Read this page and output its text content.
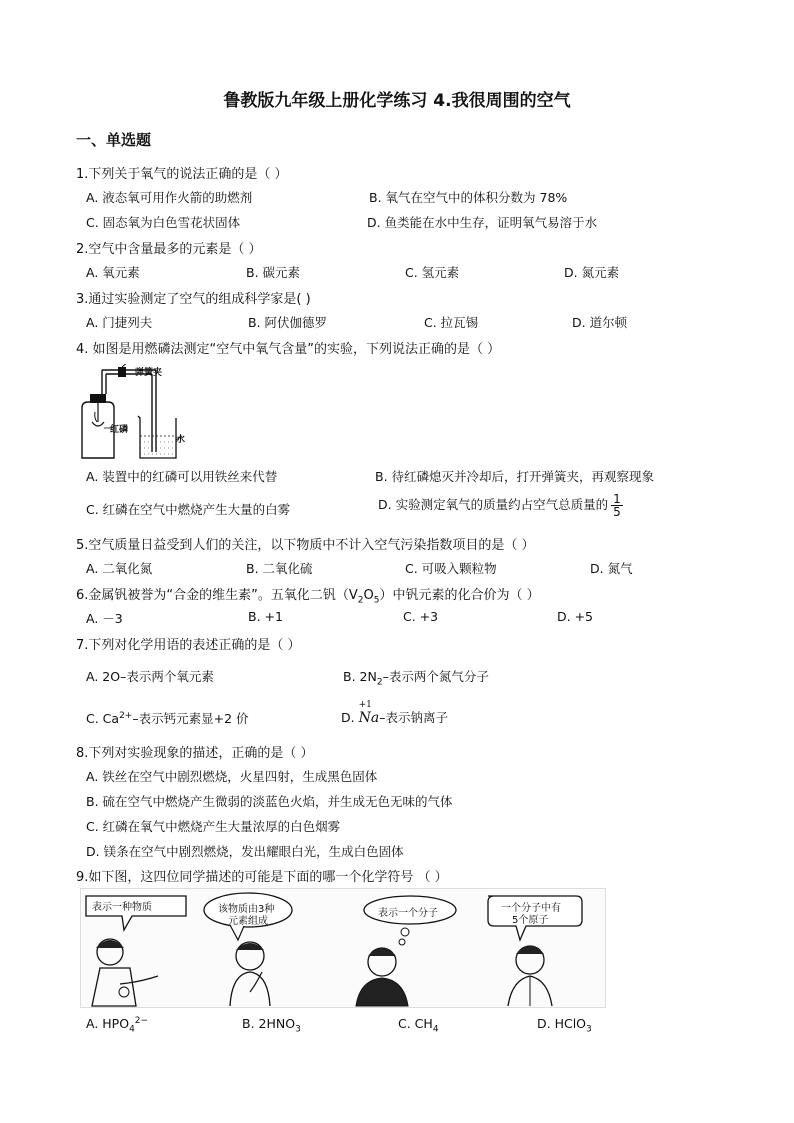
鲁教版九年级上册化学练习 4.我很周围的空气
一、单选题
1.下列关于氧气的说法正确的是（ ）
A. 液态氧可用作火箭的助燃剂	B. 氧气在空气中的体积分数为 78%
C. 固态氧为白色雪花状固体	D. 鱼类能在水中生存，证明氧气易溶于水
2.空气中含量最多的元素是（ ）
A. 氧元素	B. 碳元素	C. 氢元素	D. 氮元素
3.通过实验测定了空气的组成科学家是( )
A. 门捷列夫	B. 阿伏伽德罗	C. 拉瓦锡	D. 道尔顿
4. 如图是用燃磷法测定“空气中氧气含量”的实验，下列说法正确的是（ ）
弹簧夹
红磷
水
A. 装置中的红磷可以用铁丝来代替	B. 待红磷熄灭并冷却后，打开弹簧夹，再观察现象
C. 红磷在空气中燃烧产生大量的白雾	D. 实验测定氧气的质量约占空气总质量的 $\frac{1}{5}$
5.空气质量日益受到人们的关注，以下物质中不计入空气污染指数项目的是（ ）
A. 二氧化氮	B. 二氧化硫	C. 可吸入颗粒物	D. 氮气
6.金属钒被誉为“合金的维生素”。五氧化二钒$(V_2O_5)$中钒元素的化合价为（ ）
A. －3	B. +1	C. +3	D. +5
7.下列对化学用语的表述正确的是（ ）
A. 2O–表示两个氧元素	B. $2N_2-$表示两个氮气分子
C. $Ca^{2+}-$表示钙元素显+2 价	D.
+1
Na–表示钠离子
8.下列对实验现象的描述，正确的是（ ）
A. 铁丝在空气中剧烈燃烧，火星四射，生成黑色固体
B. 硫在空气中燃烧产生微弱的淡蓝色火焰，并生成无色无味的气体
C. 红磷在氧气中燃烧产生大量浓厚的白色烟雾
D. 镁条在空气中剧烈燃烧，发出耀眼白光，生成白色固体
9.如下图，这四位同学描述的可能是下面的哪一个化学符号 （ ）
表示一种物质	该物质由3种
元素组成
表示一个分子	一个分子中有
5个原子
A. $HPO_4^{2-}$	B. $2HNO_3$	C. $CH_4$	D. HClO$_3$
